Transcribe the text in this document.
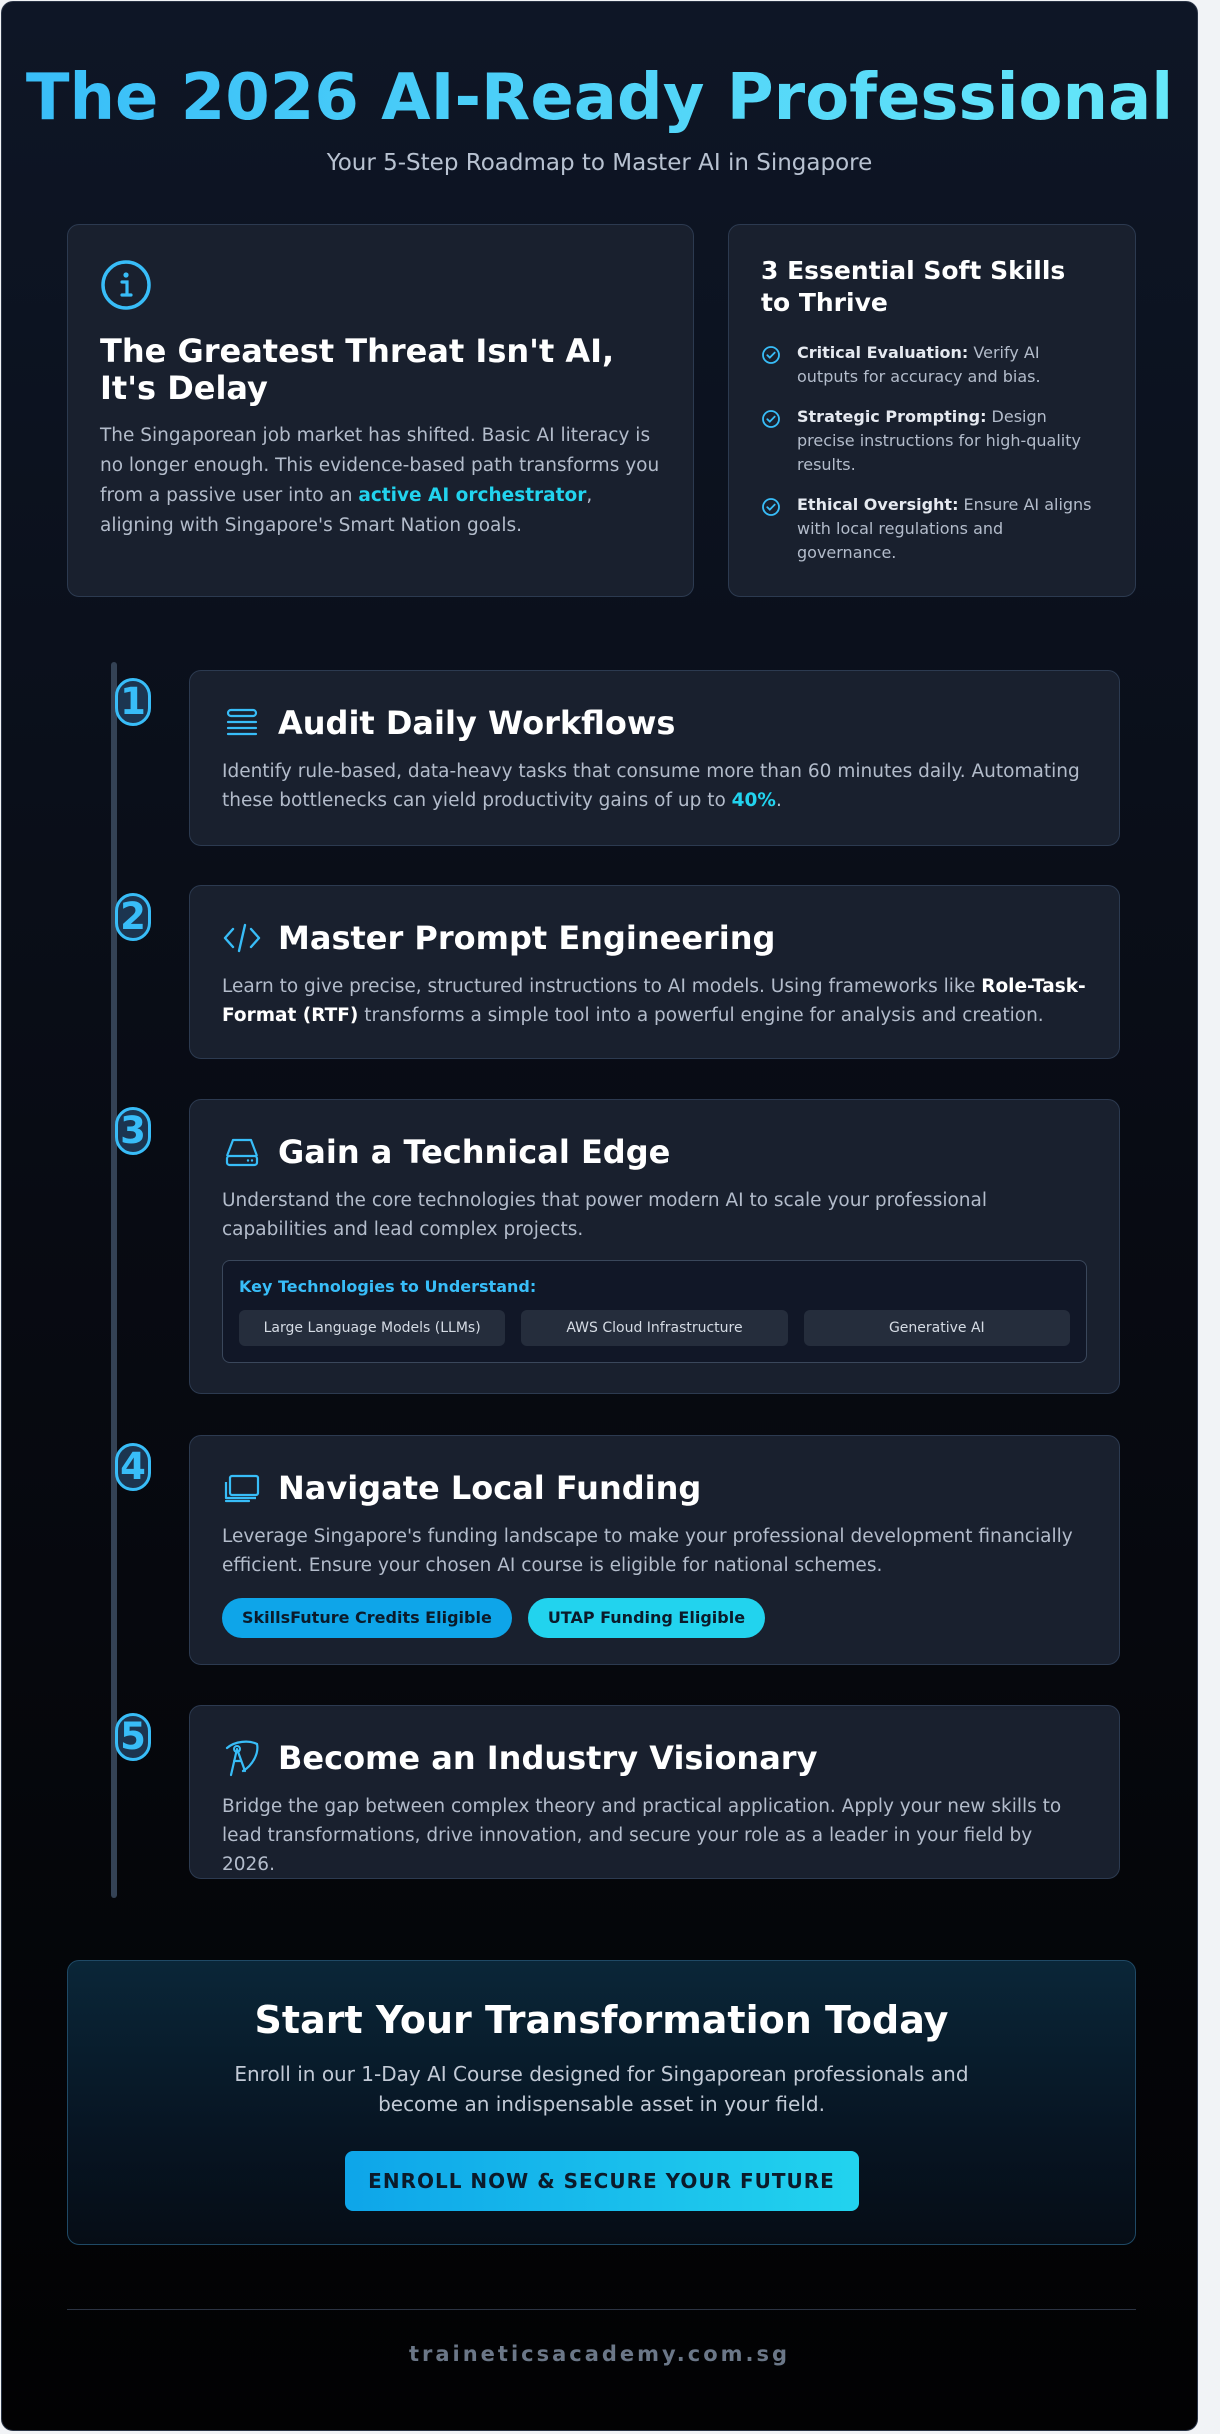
The 2026 AI-Ready Professional
Your 5-Step Roadmap to Master AI in Singapore
The Greatest Threat Isn't AI, It's Delay

The Singaporean job market has shifted. Basic AI literacy is no longer enough. This evidence-based path transforms you from a passive user into an active AI orchestrator, aligning with Singapore's Smart Nation goals.

3 Essential Soft Skills to Thrive
Critical Evaluation: Verify AI outputs for accuracy and bias.
Strategic Prompting: Design precise instructions for high-quality results.
Ethical Oversight: Ensure AI aligns with local regulations and governance.
1	Audit Daily Workflows

Identify rule-based, data-heavy tasks that consume more than 60 minutes daily. Automating these bottlenecks can yield productivity gains of up to 40%.

2	Master Prompt Engineering

Learn to give precise, structured instructions to AI models. Using frameworks like Role-Task-Format (RTF) transforms a simple tool into a powerful engine for analysis and creation.

3	Gain a Technical Edge

Understand the core technologies that power modern AI to scale your professional capabilities and lead complex projects.

Key Technologies to Understand:
Large Language Models (LLMs)	AWS Cloud Infrastructure	Generative AI
4	Navigate Local Funding

Leverage Singapore's funding landscape to make your professional development financially efficient. Ensure your chosen AI course is eligible for national schemes.

SkillsFuture Credits Eligible	UTAP Funding Eligible
5	Become an Industry Visionary

Bridge the gap between complex theory and practical application. Apply your new skills to lead transformations, drive innovation, and secure your role as a leader in your field by 2026.

Start Your Transformation Today

Enroll in our 1-Day AI Course designed for Singaporean professionals and become an indispensable asset in your field.

ENROLL NOW & SECURE YOUR FUTURE
traineticsacademy.com.sg
